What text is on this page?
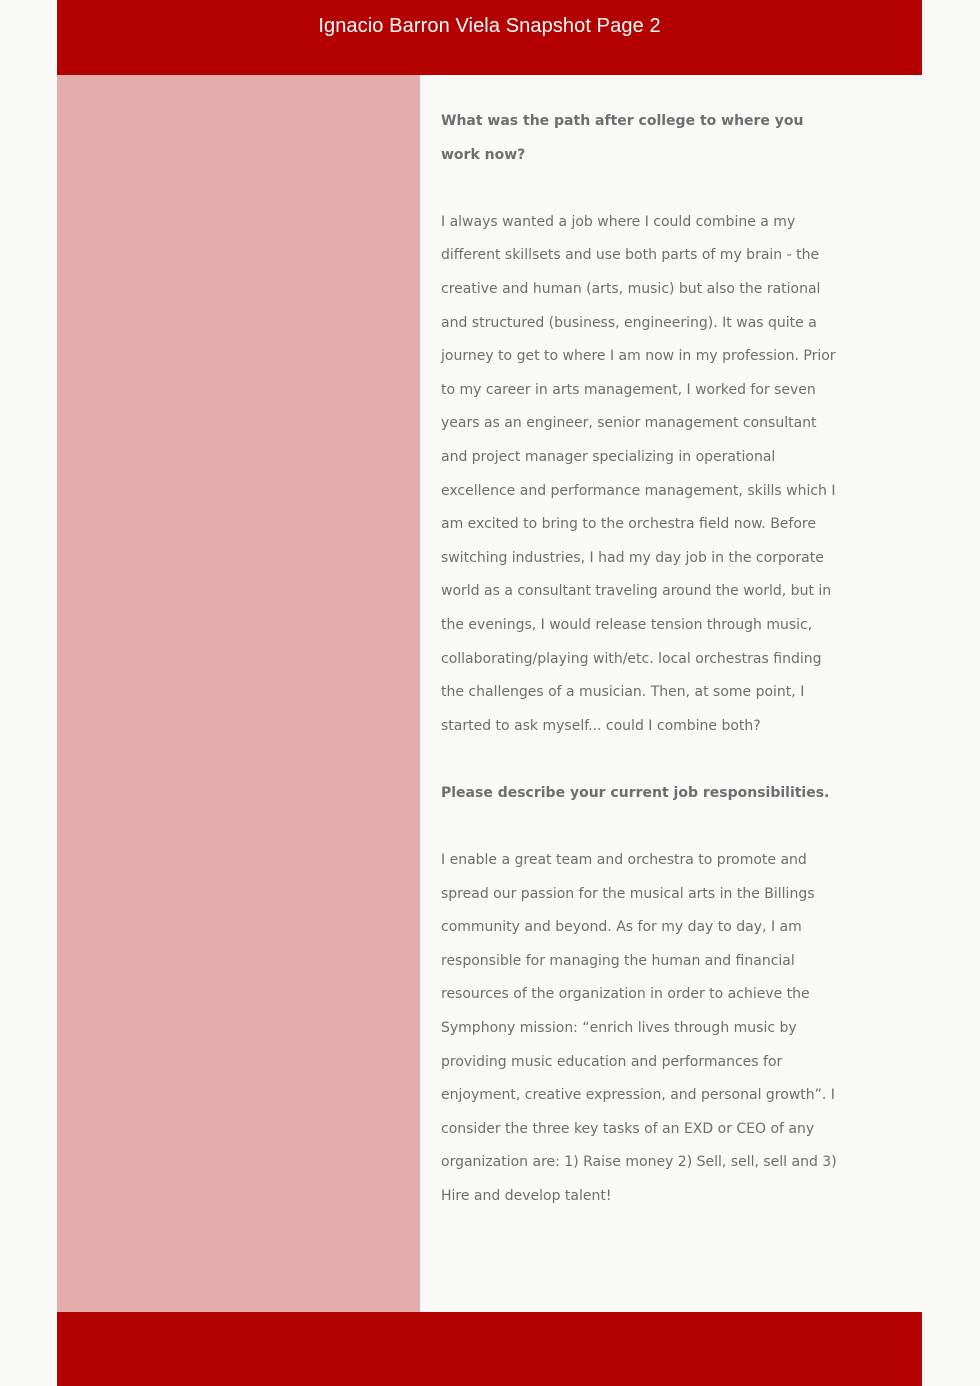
Ignacio Barron Viela Snapshot Page 2

What was the path after college to where you work now?

I always wanted a job where I could combine a my different skillsets and use both parts of my brain - the creative and human (arts, music) but also the rational and structured (business, engineering). It was quite a journey to get to where I am now in my profession. Prior to my career in arts management, I worked for seven years as an engineer, senior management consultant and project manager specializing in operational excellence and performance management, skills which I am excited to bring to the orchestra field now. Before switching industries, I had my day job in the corporate world as a consultant traveling around the world, but in the evenings, I would release tension through music, collaborating/playing with/etc. local orchestras finding the challenges of a musician. Then, at some point, I started to ask myself... could I combine both?

Please describe your current job responsibilities.

I enable a great team and orchestra to promote and spread our passion for the musical arts in the Billings community and beyond. As for my day to day, I am responsible for managing the human and financial resources of the organization in order to achieve the Symphony mission: “enrich lives through music by providing music education and performances for enjoyment, creative expression, and personal growth”. I consider the three key tasks of an EXD or CEO of any organization are: 1) Raise money 2) Sell, sell, sell and 3) Hire and develop talent!
